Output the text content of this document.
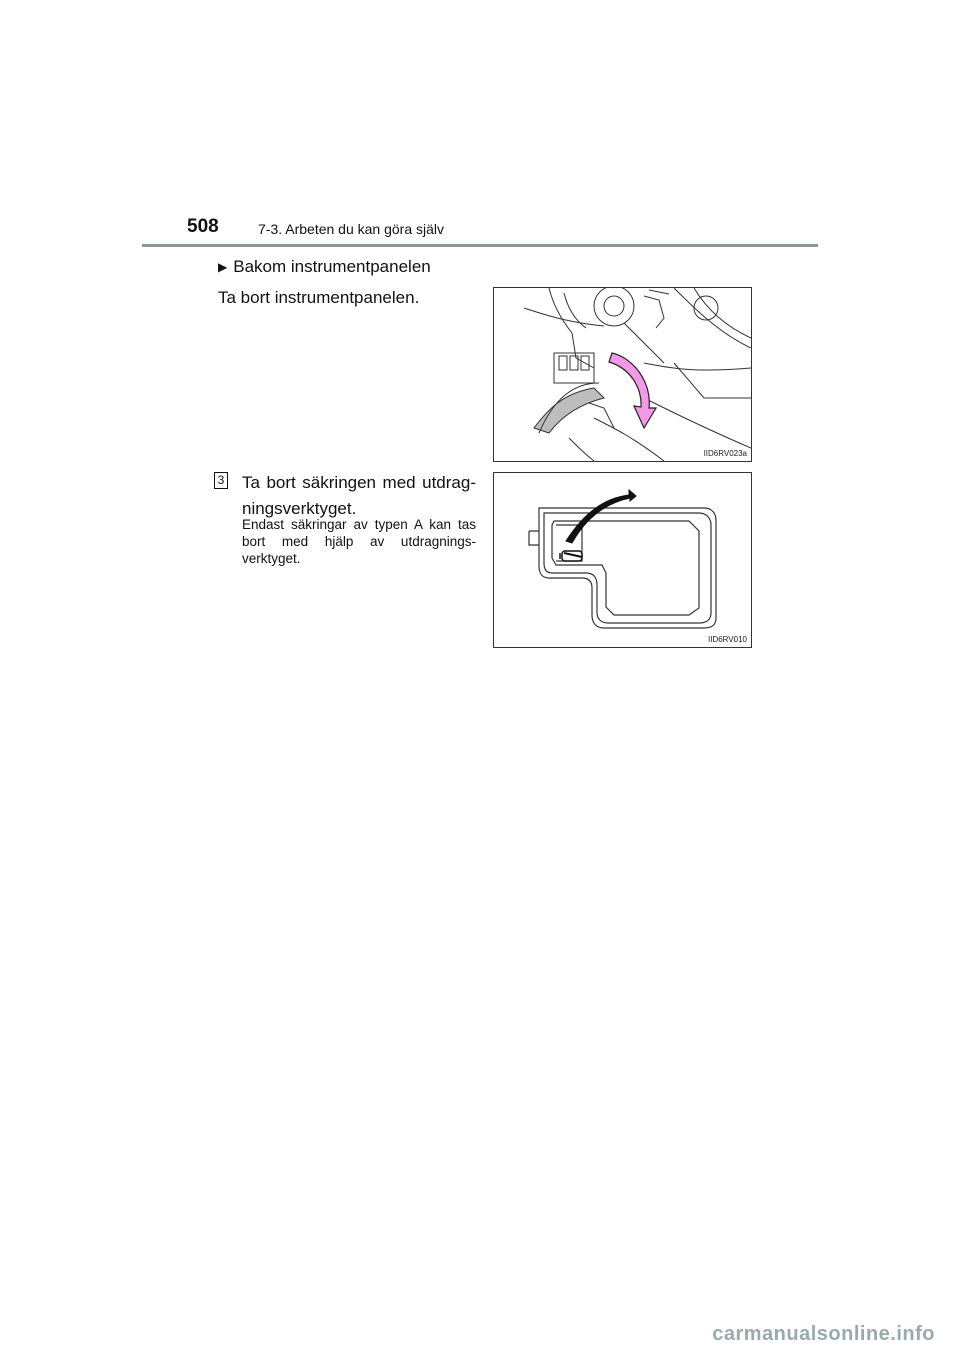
508	7-3. Arbeten du kan göra själv
▶ Bakom instrumentpanelen
Ta bort instrumentpanelen.
3 Ta bort säkringen med utdragningsverktyget.
Endast säkringar av typen A kan tas bort med hjälp av utdragningsverktyget.
IID6RV023a
IID6RV010
carmanualsonline.info
